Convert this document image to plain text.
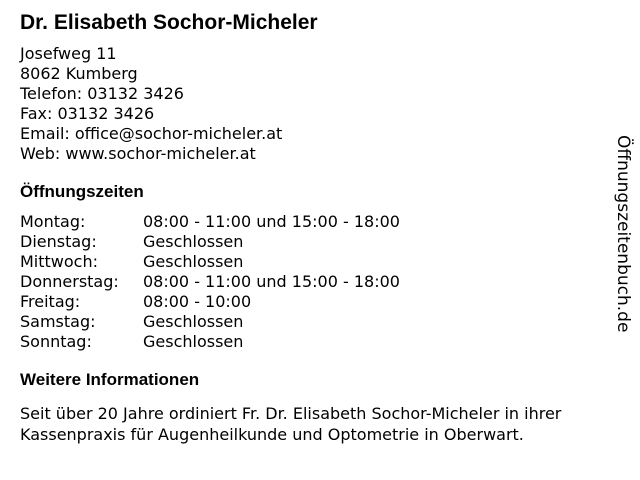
Dr. Elisabeth Sochor-Micheler
Josefweg 11
8062 Kumberg
Telefon: 03132 3426
Fax: 03132 3426
Email: office@sochor-micheler.at
Web: www.sochor-micheler.at
Öffnungszeiten
Montag:	08:00 - 11:00 und 15:00 - 18:00
Dienstag:	Geschlossen
Mittwoch:	Geschlossen
Donnerstag: 08:00 - 11:00 und 15:00 - 18:00
Freitag:	08:00 - 10:00
Samstag:	Geschlossen
Sonntag:	Geschlossen
Weitere Informationen

Seit über 20 Jahre ordiniert Fr. Dr. Elisabeth Sochor-Micheler in ihrer Kassenpraxis für Augenheilkunde und Optometrie in Oberwart.

Öffnungszeitenbuch.de
